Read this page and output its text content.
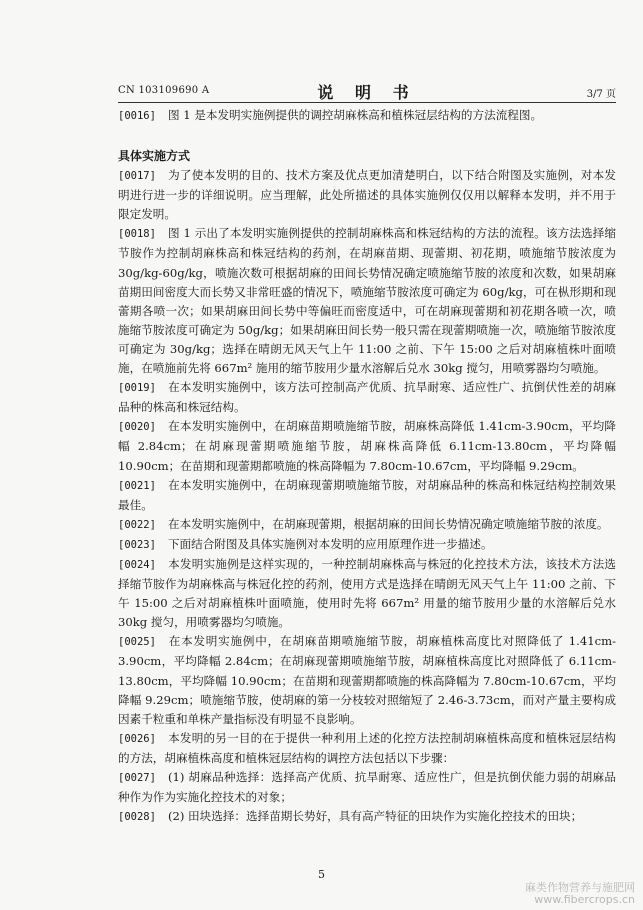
CN 103109690 A	说 明 书	3/7 页

[0016] 图 1 是本发明实施例提供的调控胡麻株高和植株冠层结构的方法流程图。

具体实施方式

[0017] 为了使本发明的目的、技术方案及优点更加清楚明白，以下结合附图及实施例，对本发明进行进一步的详细说明。应当理解，此处所描述的具体实施例仅仅用以解释本发明，并不用于限定发明。

[0018] 图 1 示出了本发明实施例提供的控制胡麻株高和株冠结构的方法的流程。该方法选择缩节胺作为控制胡麻株高和株冠结构的药剂，在胡麻苗期、现蕾期、初花期，喷施缩节胺浓度为 30g/kg-60g/kg，喷施次数可根据胡麻的田间长势情况确定喷施缩节胺的浓度和次数，如果胡麻苗期田间密度大而长势又非常旺盛的情况下，喷施缩节胺浓度可确定为 60g/kg，可在枞形期和现蕾期各喷一次；如果胡麻田间长势中等偏旺而密度适中，可在胡麻现蕾期和初花期各喷一次，喷施缩节胺浓度可确定为 50g/kg；如果胡麻田间长势一般只需在现蕾期喷施一次，喷施缩节胺浓度可确定为 30g/kg；选择在晴朗无风天气上午 11:00 之前、下午 15:00 之后对胡麻植株叶面喷施，在喷施前先将 667m² 施用的缩节胺用少量水溶解后兑水 30kg 搅匀，用喷雾器均匀喷施。

[0019] 在本发明实施例中，该方法可控制高产优质、抗旱耐寒、适应性广、抗倒伏性差的胡麻品种的株高和株冠结构。

[0020] 在本发明实施例中，在胡麻苗期喷施缩节胺，胡麻株高降低 1.41cm-3.90cm，平均降幅 2.84cm；在胡麻现蕾期喷施缩节胺，胡麻株高降低 6.11cm-13.80cm，平均降幅 10.90cm；在苗期和现蕾期都喷施的株高降幅为 7.80cm-10.67cm，平均降幅 9.29cm。

[0021] 在本发明实施例中，在胡麻现蕾期喷施缩节胺，对胡麻品种的株高和株冠结构控制效果最佳。

[0022] 在本发明实施例中，在胡麻现蕾期，根据胡麻的田间长势情况确定喷施缩节胺的浓度。

[0023] 下面结合附图及具体实施例对本发明的应用原理作进一步描述。

[0024] 本发明实施例是这样实现的，一种控制胡麻株高与株冠的化控技术方法，该技术方法选择缩节胺作为胡麻株高与株冠化控的药剂，使用方式是选择在晴朗无风天气上午 11:00 之前、下午 15:00 之后对胡麻植株叶面喷施，使用时先将 667m² 用量的缩节胺用少量的水溶解后兑水 30kg 搅匀，用喷雾器均匀喷施。

[0025] 在本发明实施例中，在胡麻苗期喷施缩节胺，胡麻植株高度比对照降低了 1.41cm-3.90cm，平均降幅 2.84cm；在胡麻现蕾期喷施缩节胺，胡麻植株高度比对照降低了 6.11cm-13.80cm，平均降幅 10.90cm；在苗期和现蕾期都喷施的株高降幅为 7.80cm-10.67cm，平均降幅 9.29cm；喷施缩节胺，使胡麻的第一分枝较对照缩短了 2.46-3.73cm，而对产量主要构成因素千粒重和单株产量指标没有明显不良影响。

[0026] 本发明的另一目的在于提供一种利用上述的化控方法控制胡麻植株高度和植株冠层结构的方法，胡麻植株高度和植株冠层结构的调控方法包括以下步骤：

[0027] (1) 胡麻品种选择：选择高产优质、抗旱耐寒、适应性广，但是抗倒伏能力弱的胡麻品种作为作为实施化控技术的对象；

[0028] (2) 田块选择：选择苗期长势好，具有高产特征的田块作为实施化控技术的田块；

5
麻类作物营养与施肥网
www.fibercrops.cn
